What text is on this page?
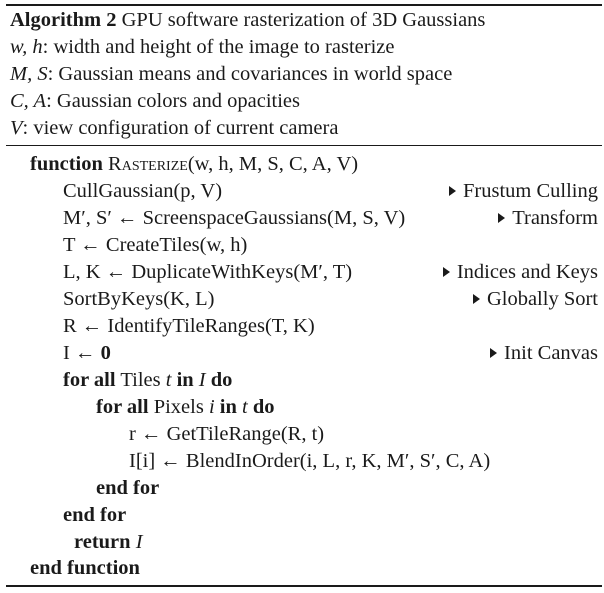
Algorithm 2 GPU software rasterization of 3D Gaussians
w, h: width and height of the image to rasterize
M, S: Gaussian means and covariances in world space
C, A: Gaussian colors and opacities
V: view configuration of current camera
function Rasterize(w, h, M, S, C, A, V)
CullGaussian(p, V)	Frustum Culling
M′, S′ ← ScreenspaceGaussians(M, S, V)	Transform
T ← CreateTiles(w, h)
L, K ← DuplicateWithKeys(M′, T)	Indices and Keys
SortByKeys(K, L)	Globally Sort
R ← IdentifyTileRanges(T, K)
I ← 0	Init Canvas
for all Tiles t in I do
for all Pixels i in t do
r ← GetTileRange(R, t)
I[i] ← BlendInOrder(i, L, r, K, M′, S′, C, A)
end for
end for
return I
end function
